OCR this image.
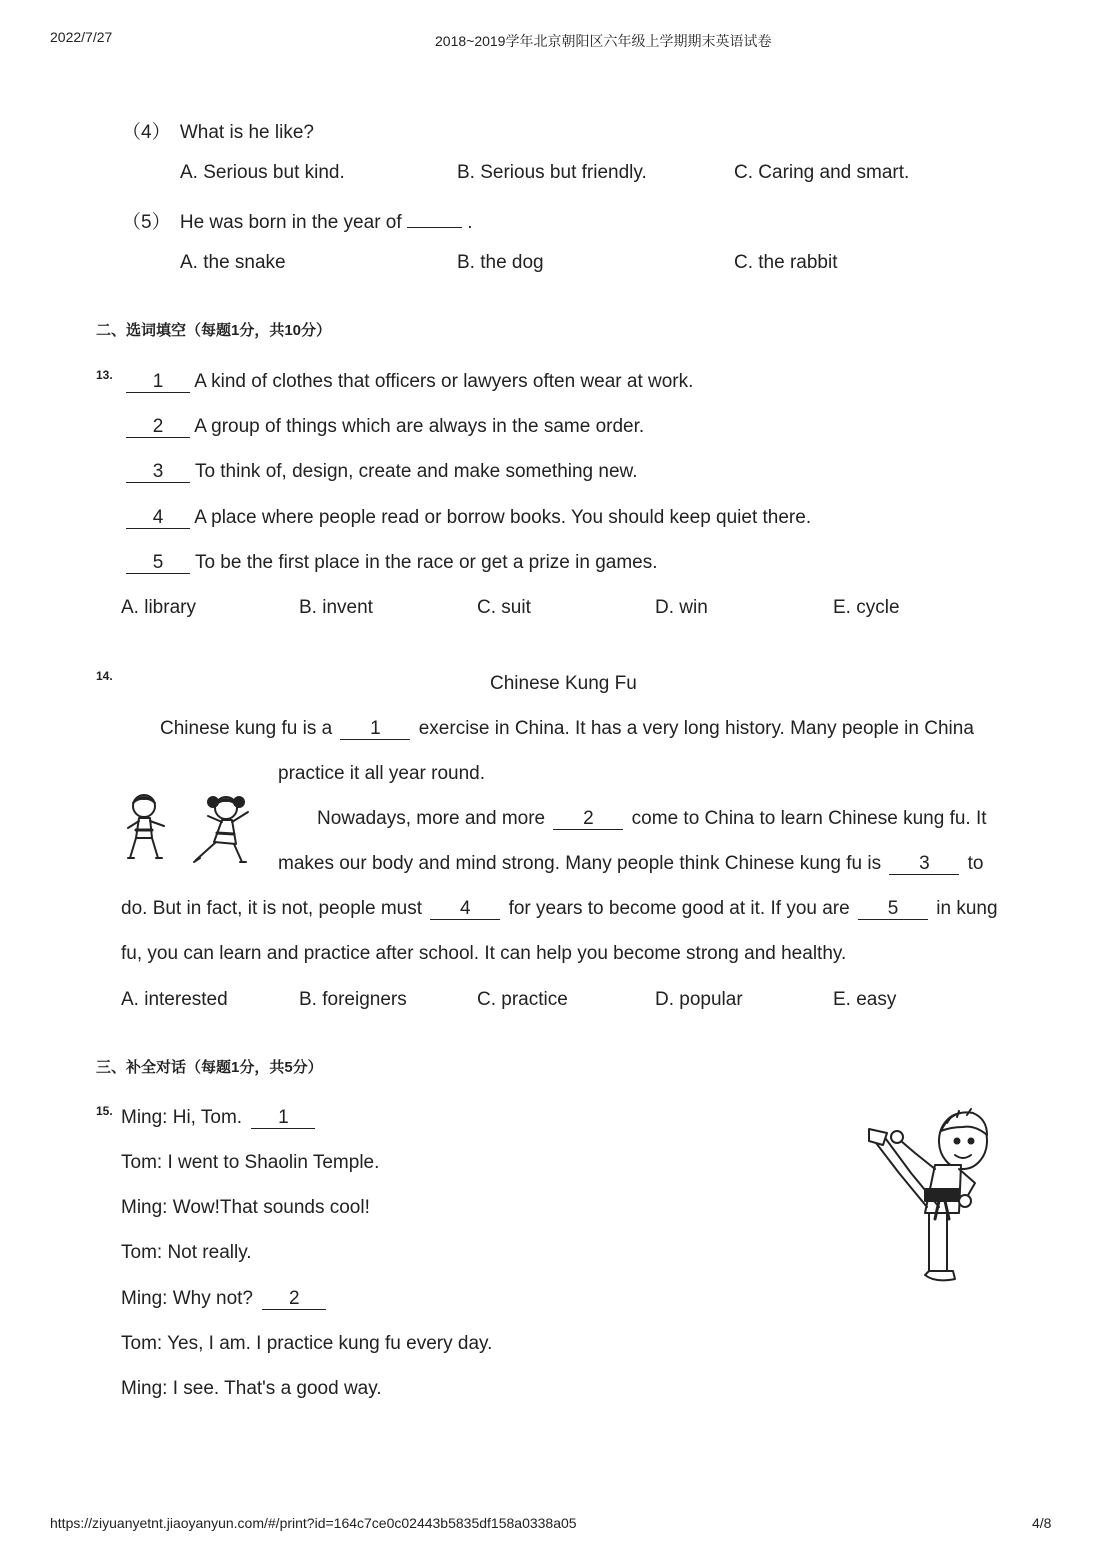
2022/7/27	2018~2019学年北京朝阳区六年级上学期期末英语试卷
（4） What is he like?
A. Serious but kind.	B. Serious but friendly.	C. Caring and smart.
（5） He was born in the year of	.
A. the snake	B. the dog	C. the rabbit
二、选词填空（每题1分，共10分）
13.	1 A kind of clothes that officers or lawyers often wear at work.
2 A group of things which are always in the same order.
3 To think of, design, create and make something new.
4 A place where people read or borrow books. You should keep quiet there.
5 To be the first place in the race or get a prize in games.
A. library	B. invent	C. suit	D. win	E. cycle
14.	Chinese Kung Fu
Chinese kung fu is a 1 exercise in China. It has a very long history. Many people in China
practice it all year round.
Nowadays, more and more 2 come to China to learn Chinese kung fu. It
makes our body and mind strong. Many people think Chinese kung fu is 3 to
do. But in fact, it is not, people must 4 for years to become good at it. If you are 5 in kung
fu, you can learn and practice after school. It can help you become strong and healthy.
A. interested	B. foreigners	C. practice	D. popular	E. easy
三、补全对话（每题1分，共5分）
15. Ming: Hi, Tom. 1
Tom: I went to Shaolin Temple.
Ming: Wow!That sounds cool!
Tom: Not really.
Ming: Why not? 2
Tom: Yes, I am. I practice kung fu every day.
Ming: I see. That's a good way.
https://ziyuanyetnt.jiaoyanyun.com/#/print?id=164c7ce0c02443b5835df158a0338a05	4/8
